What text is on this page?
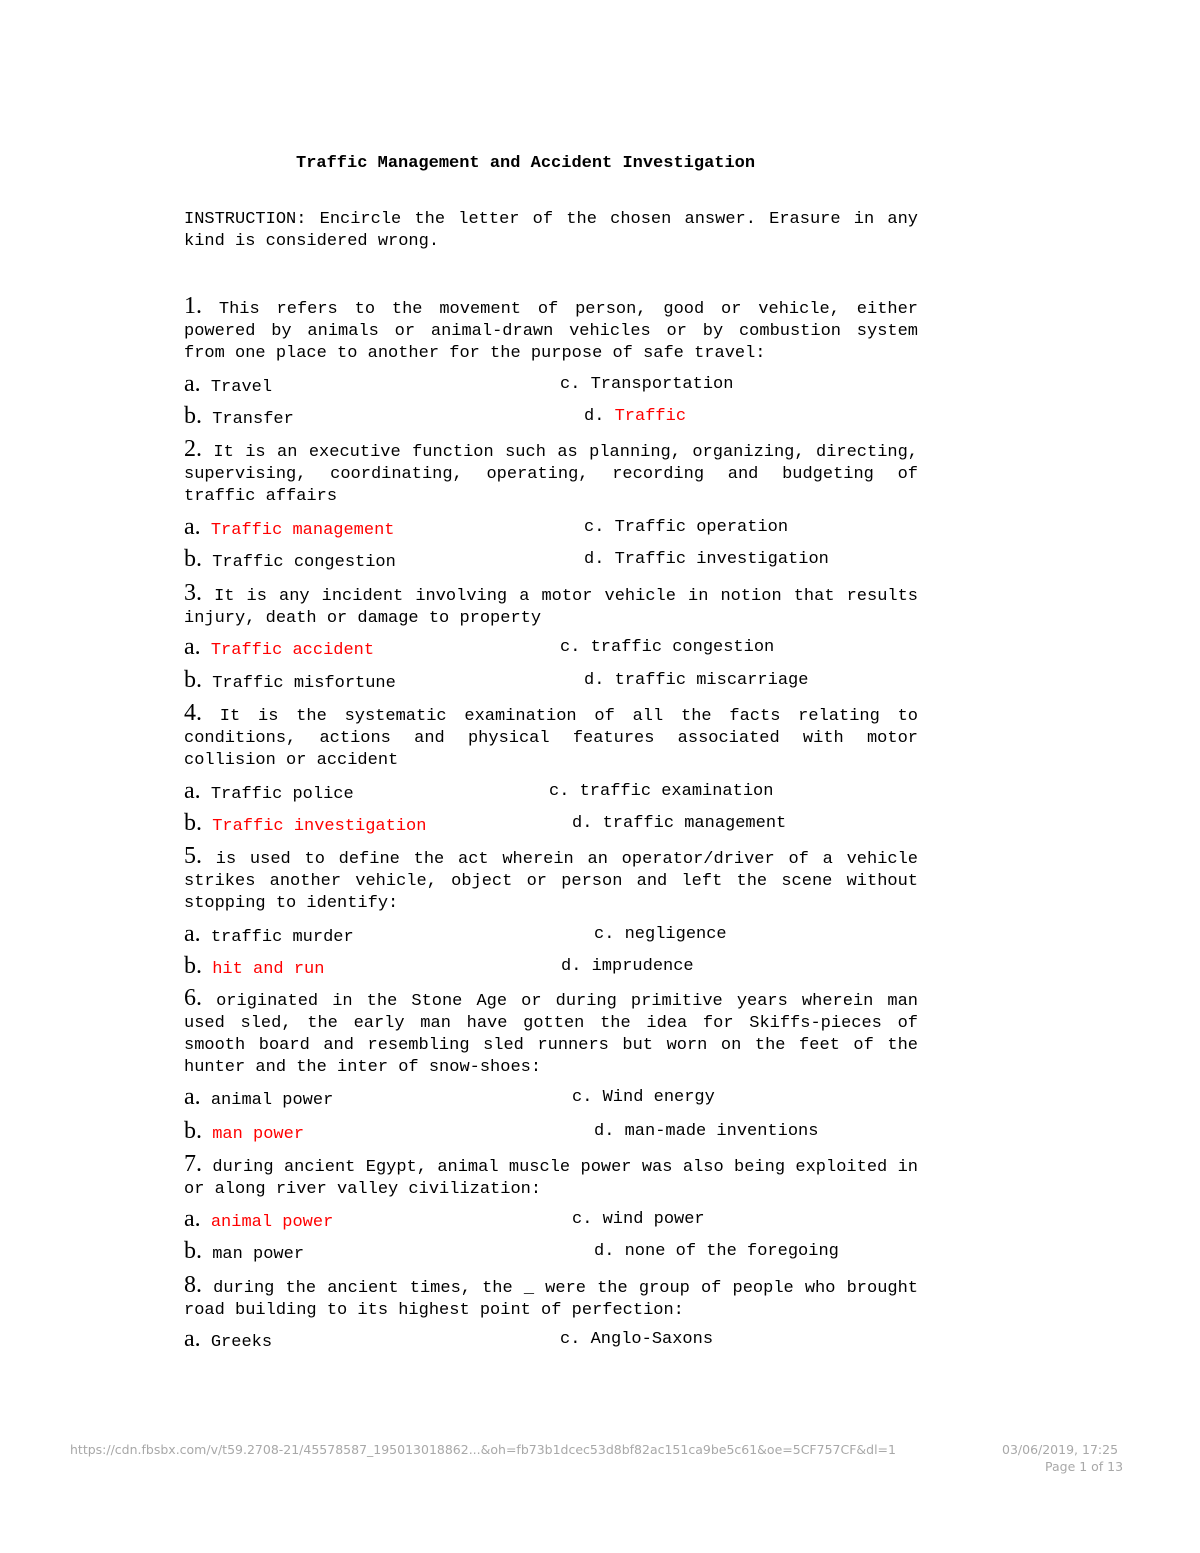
Traffic Management and Accident Investigation
INSTRUCTION: Encircle the letter of the chosen answer. Erasure in any kind is considered wrong.
1. This refers to the movement of person, good or vehicle, either powered by animals or animal-drawn vehicles or by combustion system from one place to another for the purpose of safe travel:
a. Travel	c. Transportation
b. Transfer	d. Traffic
2. It is an executive function such as planning, organizing, directing, supervising, coordinating, operating, recording and budgeting of traffic affairs
a. Traffic management	c. Traffic operation
b. Traffic congestion	d. Traffic investigation
3. It is any incident involving a motor vehicle in notion that results injury, death or damage to property
a. Traffic accident	c. traffic congestion
b. Traffic misfortune	d. traffic miscarriage
4. It is the systematic examination of all the facts relating to conditions, actions and physical features associated with motor collision or accident
a. Traffic police	c. traffic examination
b. Traffic investigation	d. traffic management
5. is used to define the act wherein an operator/driver of a vehicle strikes another vehicle, object or person and left the scene without stopping to identify:
a. traffic murder	c. negligence
b. hit and run	d. imprudence
6. originated in the Stone Age or during primitive years wherein man used sled, the early man have gotten the idea for Skiffs-pieces of smooth board and resembling sled runners but worn on the feet of the hunter and the inter of snow-shoes:
a. animal power	c. Wind energy
b. man power	d. man-made inventions
7. during ancient Egypt, animal muscle power was also being exploited in or along river valley civilization:
a. animal power	c. wind power
b. man power	d. none of the foregoing
8. during the ancient times, the _ were the group of people who brought road building to its highest point of perfection:
a. Greeks	c. Anglo-Saxons
https://cdn.fbsbx.com/v/t59.2708-21/45578587_195013018862...&oh=fb73b1dcec53d8bf82ac151ca9be5c61&oe=5CF757CF&dl=1	03/06/2019, 17:25
Page 1 of 13
